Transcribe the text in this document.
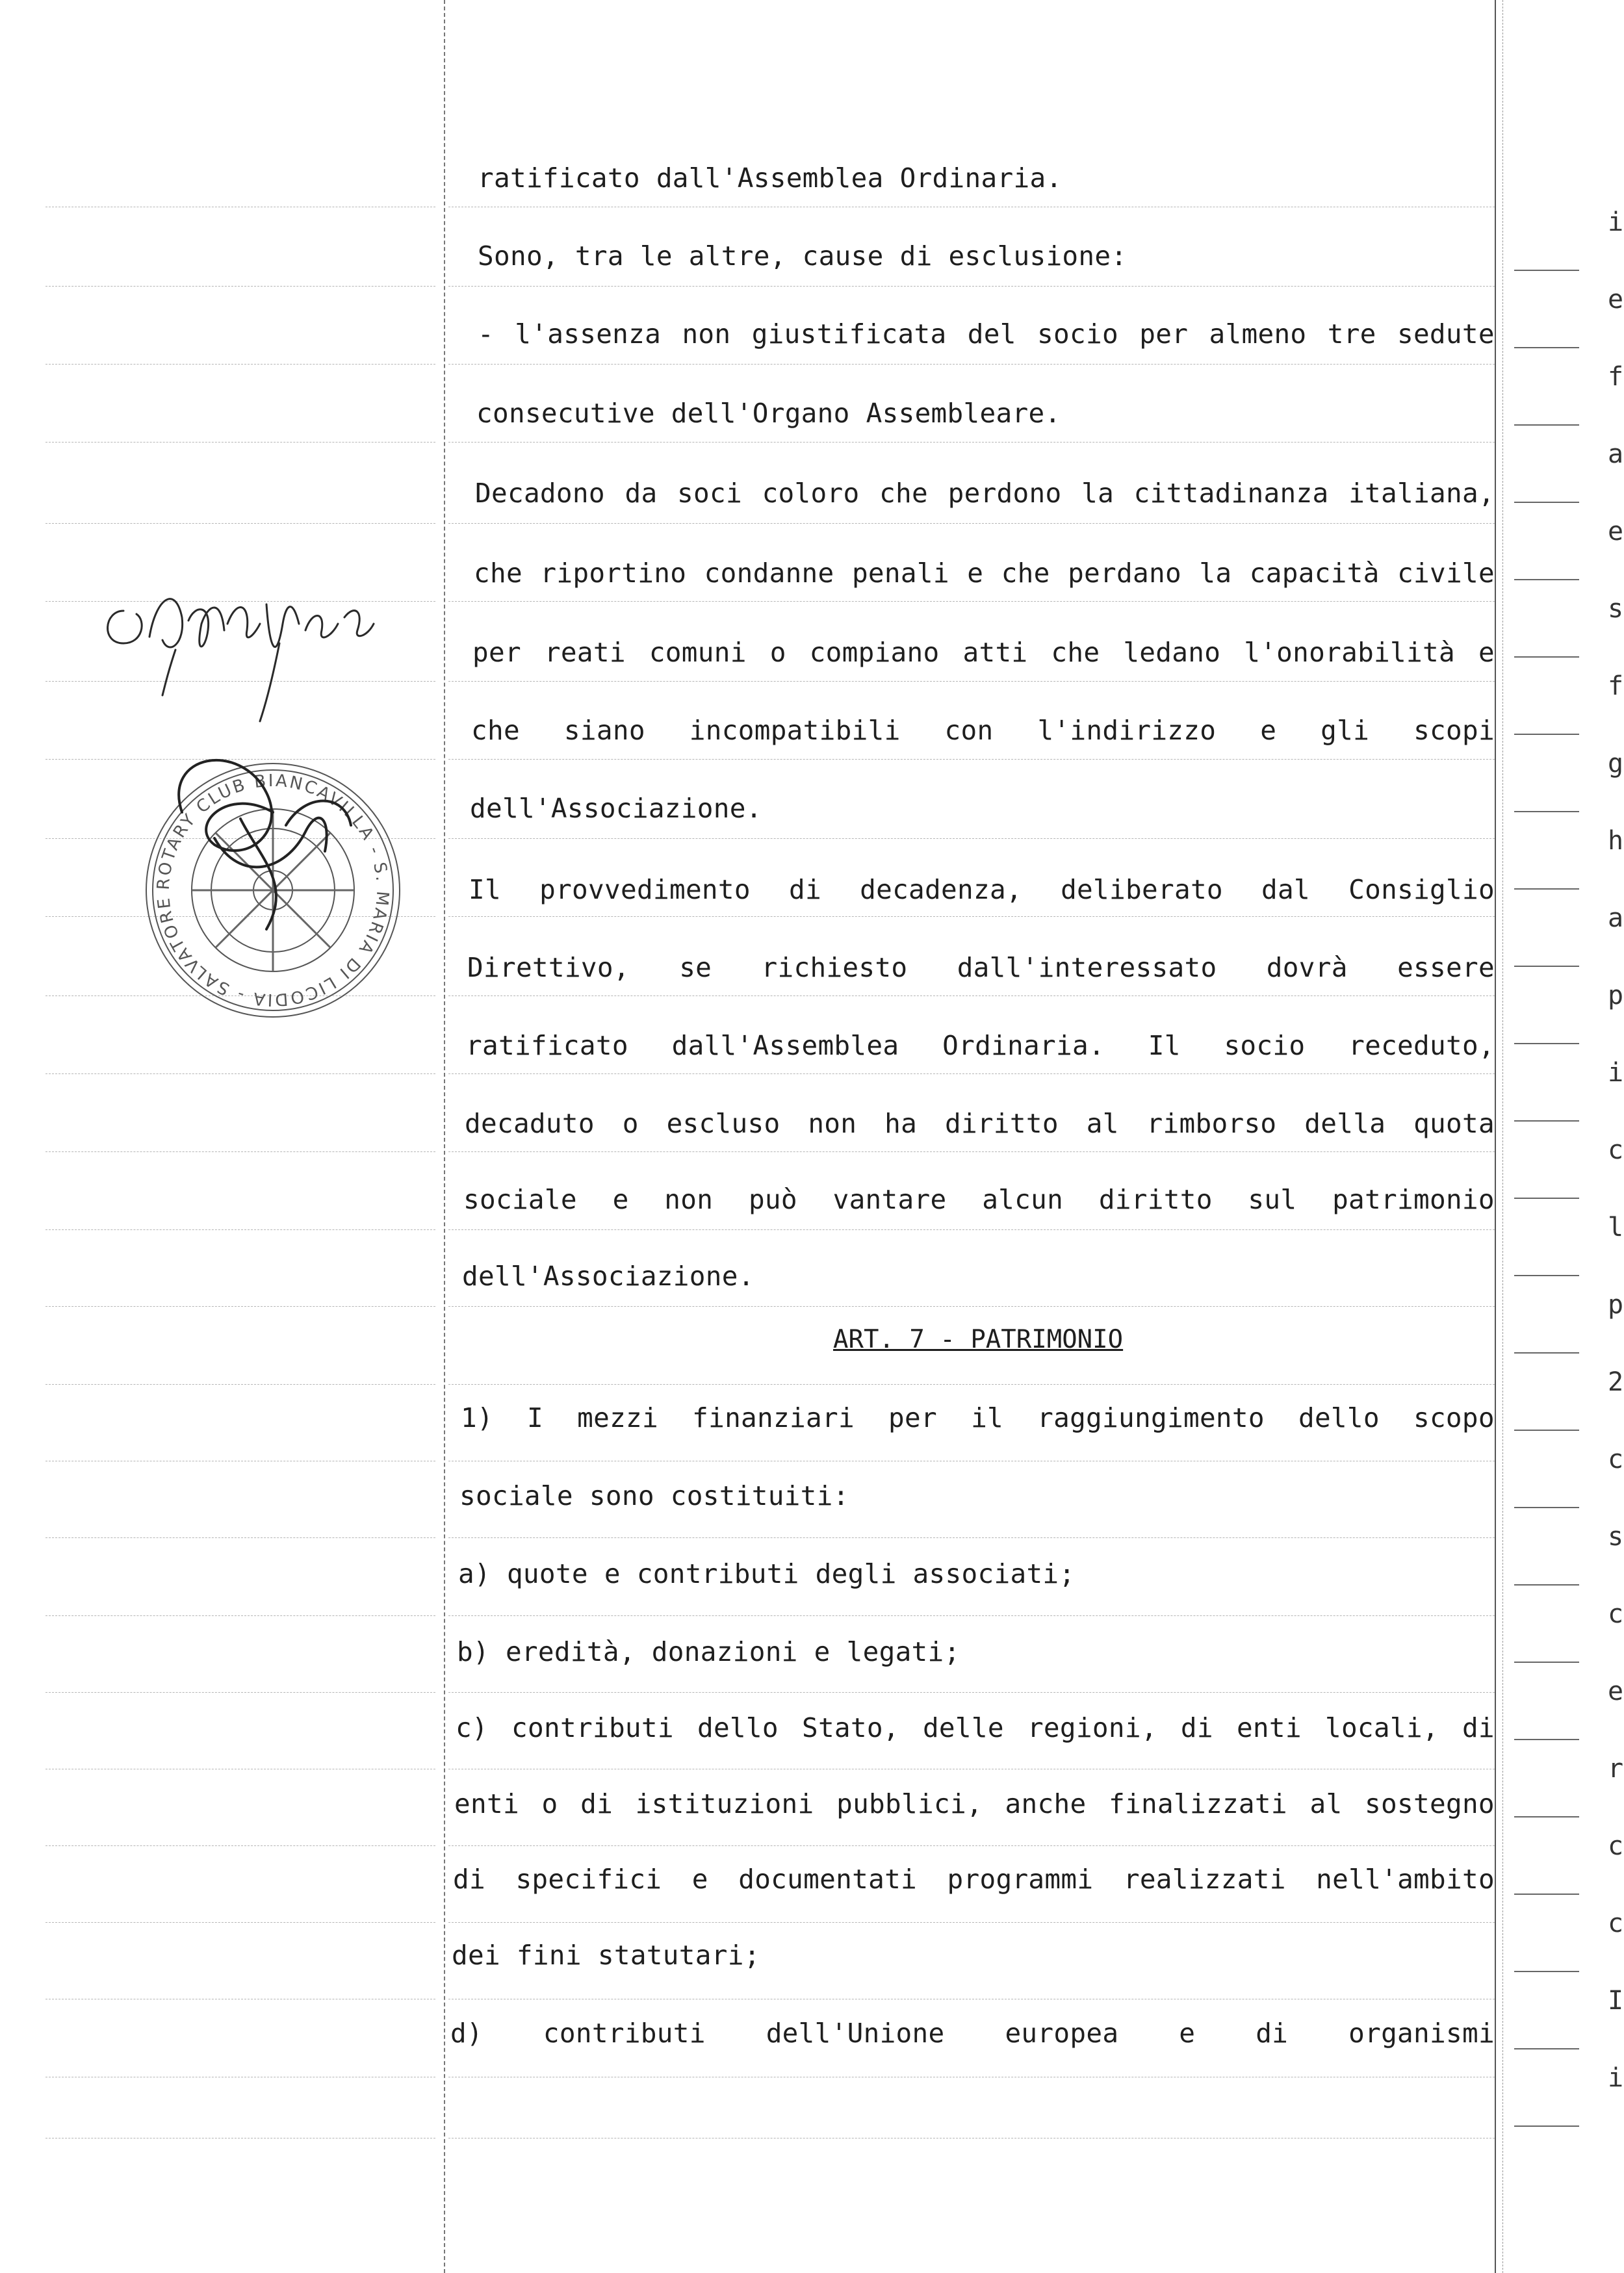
ROTARY CLUB BIANCAVILLA - S. MARIA DI LICODIA - SALVATORE
ratificato dall'Assemblea Ordinaria.
Sono, tra le altre, cause di esclusione:
- l'assenza non giustificata del socio per almeno tre sedute
consecutive dell'Organo Assembleare.
Decadono da soci coloro che perdono la cittadinanza italiana,
che riportino condanne penali e che perdano la capacità civile
per reati comuni o compiano atti che ledano l'onorabilità e
che siano incompatibili con l'indirizzo e gli scopi
dell'Associazione.
Il provvedimento di decadenza, deliberato dal Consiglio
Direttivo, se richiesto dall'interessato dovrà essere
ratificato dall'Assemblea Ordinaria. Il socio receduto,
decaduto o escluso non ha diritto al rimborso della quota
sociale e non può vantare alcun diritto sul patrimonio
dell'Associazione.
1) I mezzi finanziari per il raggiungimento dello scopo
sociale sono costituiti:
a) quote e contributi degli associati;
b) eredità, donazioni e legati;
c) contributi dello Stato, delle regioni, di enti locali, di
enti o di istituzioni pubblici, anche finalizzati al sostegno
di specifici e documentati programmi realizzati nell'ambito
dei fini statutari;
d) contributi dell'Unione europea e di organismi
ART. 7 - PATRIMONIO
i
e
f
a
e
s
f
g
h
a
p
i
c
l
p
2
c
s
c
e
r
c
c
I
i
